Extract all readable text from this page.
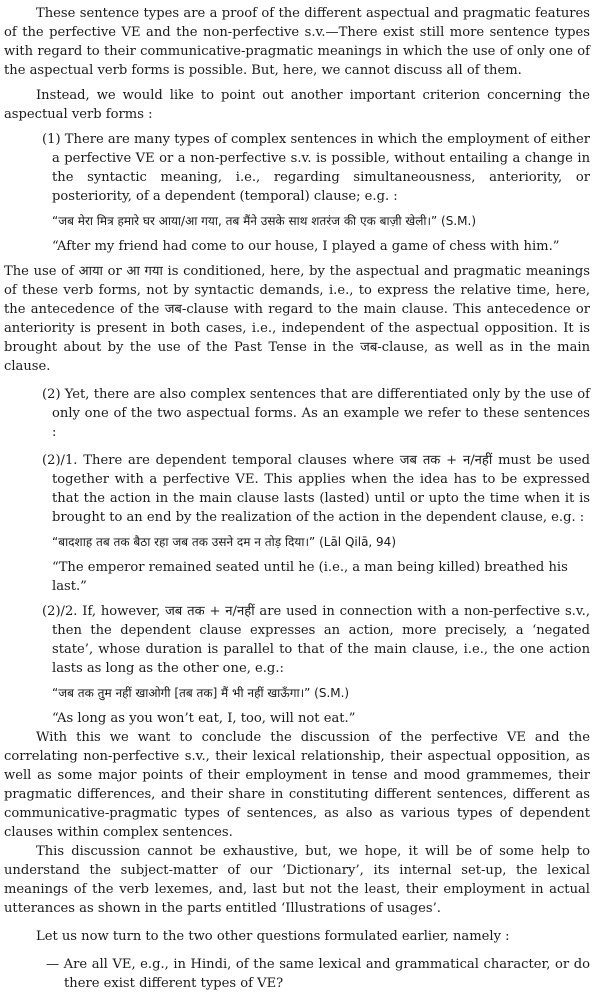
These sentence types are a proof of the different aspectual and pragmatic features of the perfective VE and the non-perfective s.v.—There exist still more sentence types with regard to their communicative-pragmatic meanings in which the use of only one of the aspectual verb forms is possible. But, here, we cannot discuss all of them.

Instead, we would like to point out another important criterion concerning the aspectual verb forms :

(1) There are many types of complex sentences in which the employment of either a perfective VE or a non-perfective s.v. is possible, without entailing a change in the syntactic meaning, i.e., regarding simultaneousness, anteriority, or posteriority, of a dependent (temporal) clause; e.g. :

“जब मेरा मित्र हमारे घर आया/आ गया, तब मैंने उसके साथ शतरंज की एक बाज़ी खेली।” (S.M.)

“After my friend had come to our house, I played a game of chess with him.”

The use of आया or आ गया is conditioned, here, by the aspectual and pragmatic meanings of these verb forms, not by syntactic demands, i.e., to express the relative time, here, the antecedence of the जब-clause with regard to the main clause. This antecedence or anteriority is present in both cases, i.e., independent of the aspectual opposition. It is brought about by the use of the Past Tense in the जब-clause, as well as in the main clause.

(2) Yet, there are also complex sentences that are differentiated only by the use of only one of the two aspectual forms. As an example we refer to these sentences :

(2)/1. There are dependent temporal clauses where जब तक + न/नहीं must be used together with a perfective VE. This applies when the idea has to be expressed that the action in the main clause lasts (lasted) until or upto the time when it is brought to an end by the realization of the action in the dependent clause, e.g. :

“बादशाह तब तक बैठा रहा जब तक उसने दम न तोड़ दिया।” (Lāl Qilā, 94)

“The emperor remained seated until he (i.e., a man being killed) breathed his last.”

(2)/2. If, however, जब तक + न/नहीं are used in connection with a non-perfective s.v., then the dependent clause expresses an action, more precisely, a ‘negated state’, whose duration is parallel to that of the main clause, i.e., the one action lasts as long as the other one, e.g.:

“जब तक तुम नहीं खाओगी [तब तक] मैं भी नहीं खाऊँगा।” (S.M.)

“As long as you won’t eat, I, too, will not eat.”

With this we want to conclude the discussion of the perfective VE and the correlating non-perfective s.v., their lexical relationship, their aspectual opposition, as well as some major points of their employment in tense and mood grammemes, their pragmatic differences, and their share in constituting different sentences, different as communicative-pragmatic types of sentences, as also as various types of dependent clauses within complex sentences.

This discussion cannot be exhaustive, but, we hope, it will be of some help to understand the subject-matter of our ‘Dictionary’, its internal set-up, the lexical meanings of the verb lexemes, and, last but not the least, their employment in actual utterances as shown in the parts entitled ‘Illustrations of usages’.

Let us now turn to the two other questions formulated earlier, namely :

— Are all VE, e.g., in Hindi, of the same lexical and grammatical character, or do there exist different types of VE?
